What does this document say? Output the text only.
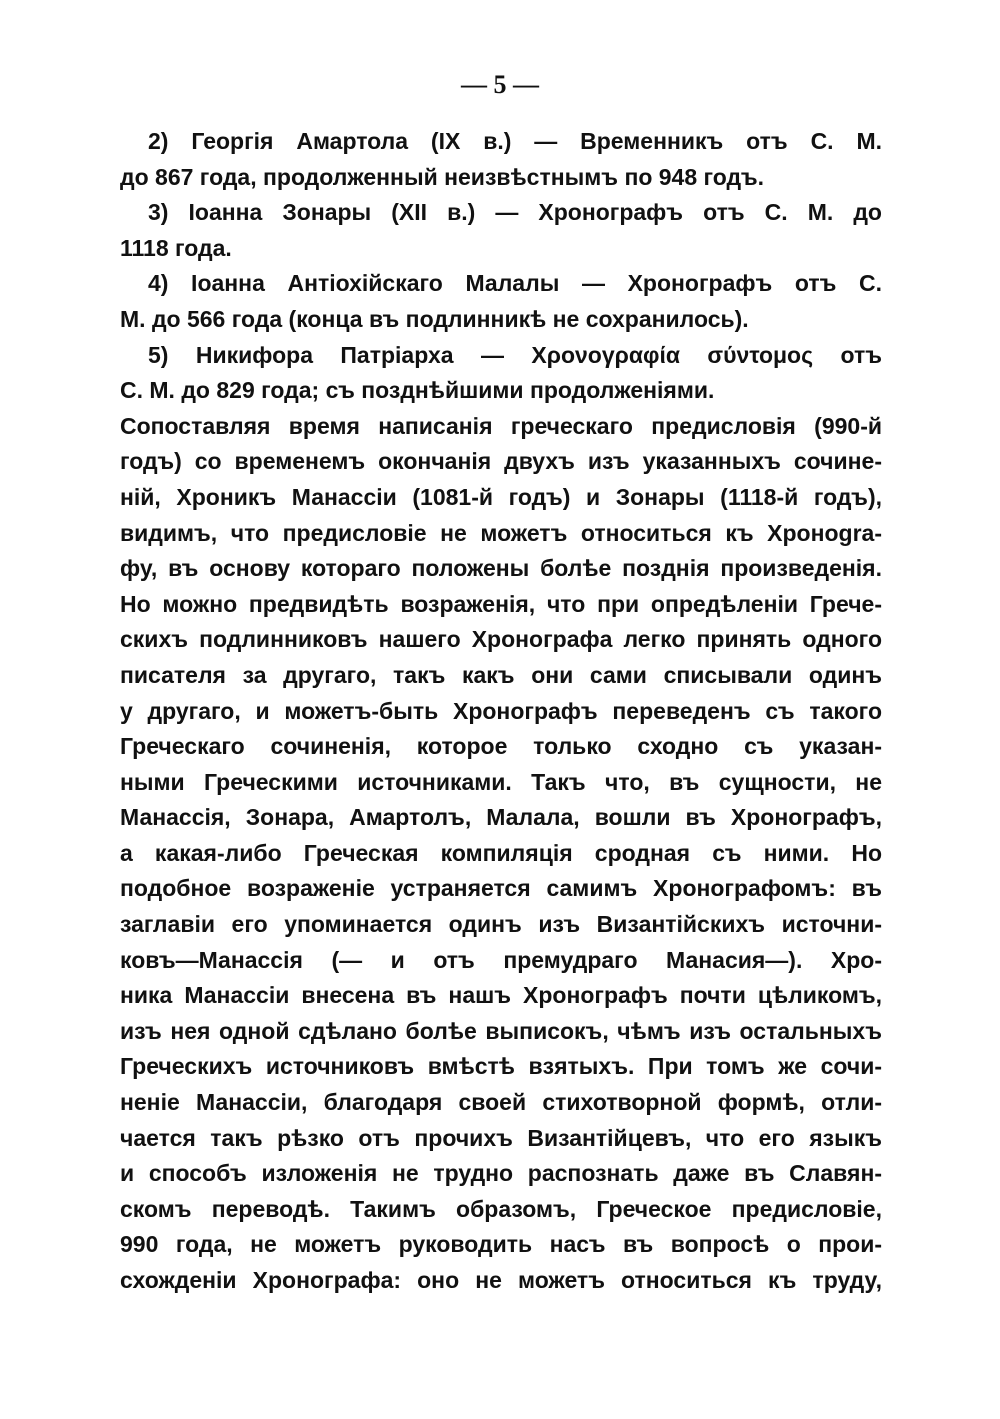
— 5 —
2) Георгія Амартола (IX в.) — Временникъ отъ С. М.
до 867 года, продолженный неизвѣстнымъ по 948 годъ.
3) Іоанна Зонары (XII в.) — Хронографъ отъ С. М. до
1118 года.
4) Іоанна Антіохійскаго Малалы — Хронографъ отъ С.
М. до 566 года (конца въ подлинникѣ не сохранилось).
5) Никифора Патріарха — Χρονογραφία σύντομος отъ
С. М. до 829 года; съ позднѣйшими продолженіями.
Сопоставляя время написанія греческаго предисловія (990-й
годъ) со временемъ окончанія двухъ изъ указанныхъ сочине-
ній, Хроникъ Манассіи (1081-й годъ) и Зонары (1118-й годъ),
видимъ, что предисловіе не можетъ относиться къ Хронogra-
фу, въ основу котораго положены болѣе позднія произведенія.
Но можно предвидѣть возраженія, что при опредѣленіи Грече-
скихъ подлинниковъ нашего Хронографа легко принять одного
писателя за другаго, такъ какъ они сами списывали одинъ
у другаго, и можетъ-быть Хронографъ переведенъ съ такого
Греческаго сочиненія, которое только сходно съ указан-
ными Греческими источниками. Такъ что, въ сущности, не
Манассія, Зонара, Амартолъ, Малала, вошли въ Хронографъ,
а какая-либо Греческая компиляція сродная съ ними. Но
подобное возраженіе устраняется самимъ Хронографомъ: въ
заглавіи его упоминается одинъ изъ Византійскихъ источни-
ковъ—Манассія (— и отъ премудраго Манасия—). Хро-
ника Манассіи внесена въ нашъ Хронографъ почти цѣликомъ,
изъ нея одной сдѣлано болѣе выписокъ, чѣмъ изъ остальныхъ
Греческихъ источниковъ вмѣстѣ взятыхъ. При томъ же сочи-
неніе Манассіи, благодаря своей стихотворной формѣ, отли-
чается такъ рѣзко отъ прочихъ Византійцевъ, что его языкъ
и способъ изложенія не трудно распознать даже въ Славян-
скомъ переводѣ. Такимъ образомъ, Греческое предисловіе,
990 года, не можетъ руководить насъ въ вопросѣ о прои-
схожденіи Хронографа: оно не можетъ относиться къ труду,
